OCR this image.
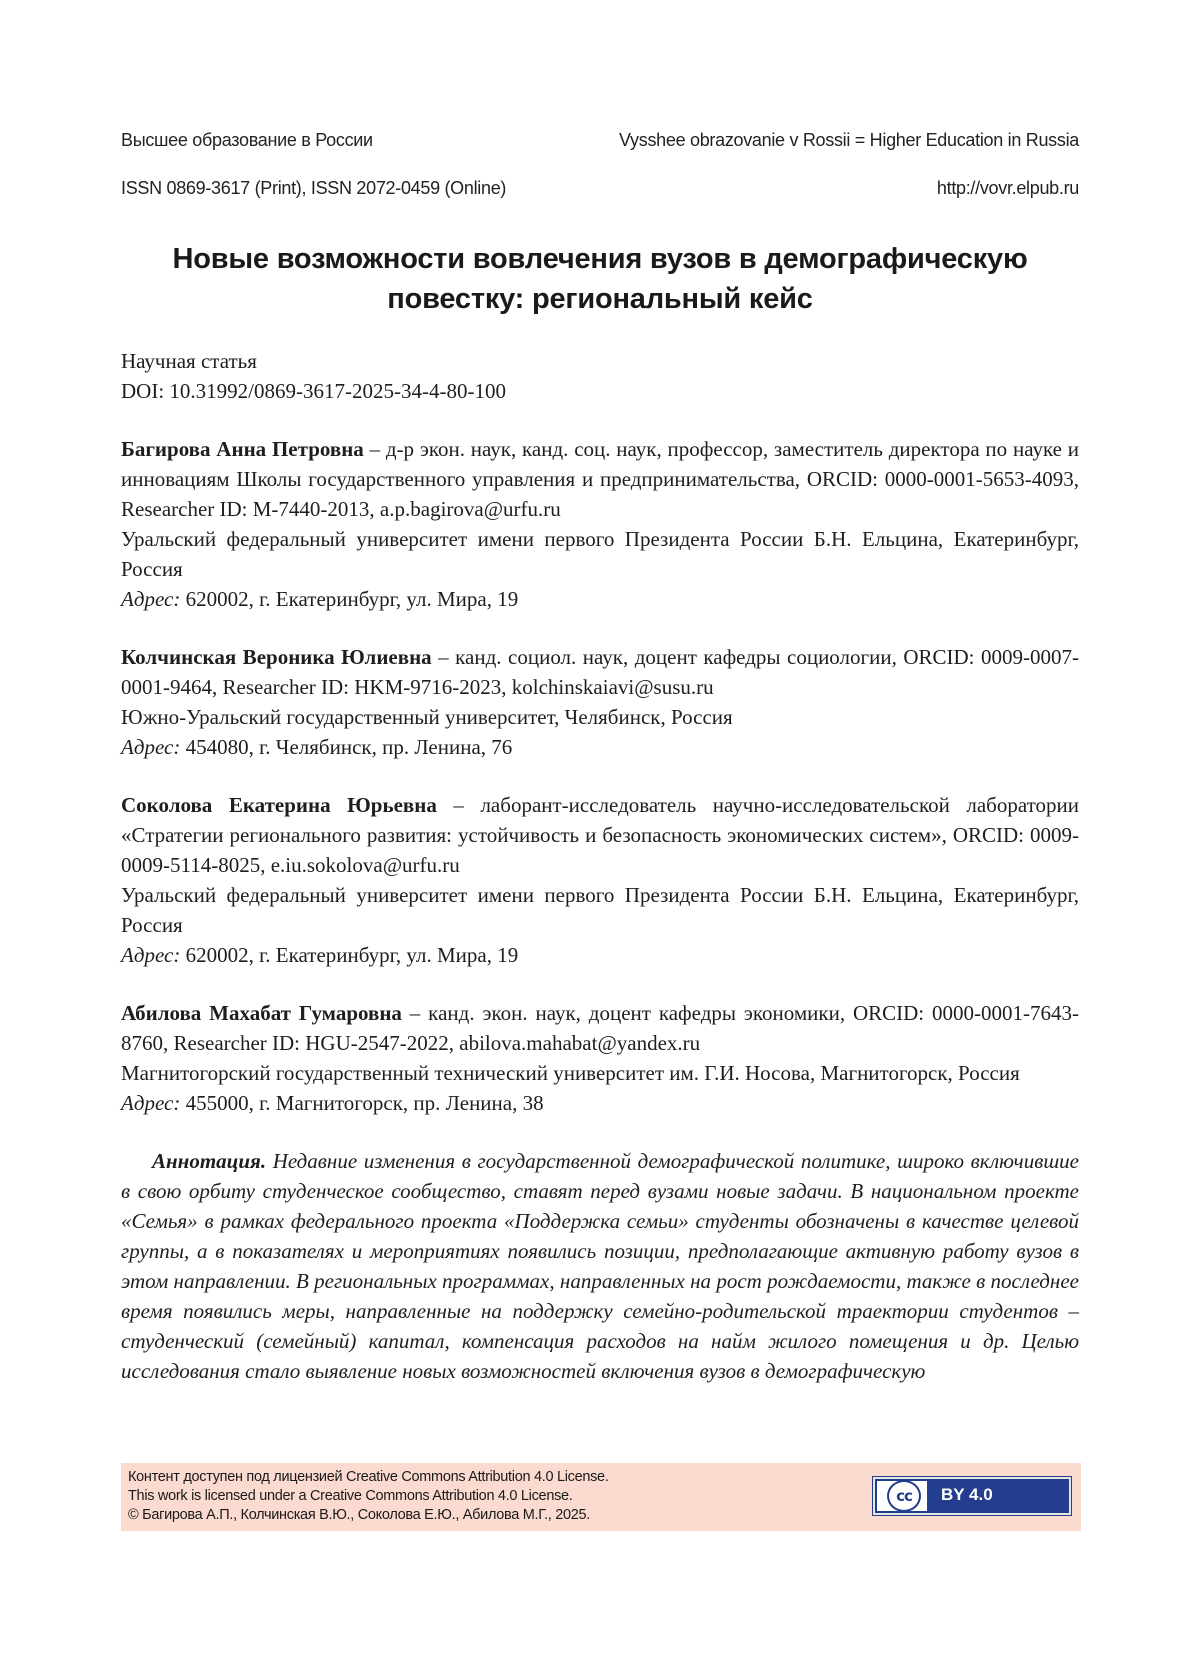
Высшее образование в России	Vysshee obrazovanie v Rossii = Higher Education in Russia
ISSN 0869-3617 (Print), ISSN 2072-0459 (Online)	http://vovr.elpub.ru
Новые возможности вовлечения вузов в демографическую
повестку: региональный кейс

Научная статья

DOI: 10.31992/0869-3617-2025-34-4-80-100

Багирова Анна Петровна – д-р экон. наук, канд. соц. наук, профессор, заместитель директора по науке и инновациям Школы государственного управления и предпринимательства, ORCID: 0000-0001-5653-4093, Researcher ID: M-7440-2013, a.p.bagirova@urfu.ru

Уральский федеральный университет имени первого Президента России Б.Н. Ельцина, Екатеринбург, Россия

Адрес: 620002, г. Екатеринбург, ул. Мира, 19

Колчинская Вероника Юлиевна – канд. социол. наук, доцент кафедры социологии, ORCID: 0009-0007-0001-9464, Researcher ID: HKM-9716-2023, kolchinskaiavi@susu.ru

Южно-Уральский государственный университет, Челябинск, Россия

Адрес: 454080, г. Челябинск, пр. Ленина, 76

Соколова Екатерина Юрьевна – лаборант-исследователь научно-исследовательской лаборатории «Стратегии регионального развития: устойчивость и безопасность экономических систем», ORCID: 0009-0009-5114-8025, e.iu.sokolova@urfu.ru

Уральский федеральный университет имени первого Президента России Б.Н. Ельцина, Екатеринбург, Россия

Адрес: 620002, г. Екатеринбург, ул. Мира, 19

Абилова Махабат Гумаровна – канд. экон. наук, доцент кафедры экономики, ORCID: 0000-0001-7643-8760, Researcher ID: HGU-2547-2022, abilova.mahabat@yandex.ru

Магнитогорский государственный технический университет им. Г.И. Носова, Магнитогорск, Россия

Адрес: 455000, г. Магнитогорск, пр. Ленина, 38

Аннотация. Недавние изменения в государственной демографической политике, широко включившие в свою орбиту студенческое сообщество, ставят перед вузами новые задачи. В национальном проекте «Семья» в рамках федерального проекта «Поддержка семьи» студенты обозначены в качестве целевой группы, а в показателях и мероприятиях появились позиции, предполагающие активную работу вузов в этом направлении. В региональных программах, направленных на рост рождаемости, также в последнее время появились меры, направленные на поддержку семейно-родительской траектории студентов – студенческий (семейный) капитал, компенсация расходов на найм жилого помещения и др. Целью исследования стало выявление новых возможностей включения вузов в демографическую

Контент доступен под лицензией Creative Commons Attribution 4.0 License.
This work is licensed under a Creative Commons Attribution 4.0 License.
© Багирова А.П., Колчинская В.Ю., Соколова Е.Ю., Абилова М.Г., 2025.
cc	BY 4.0
